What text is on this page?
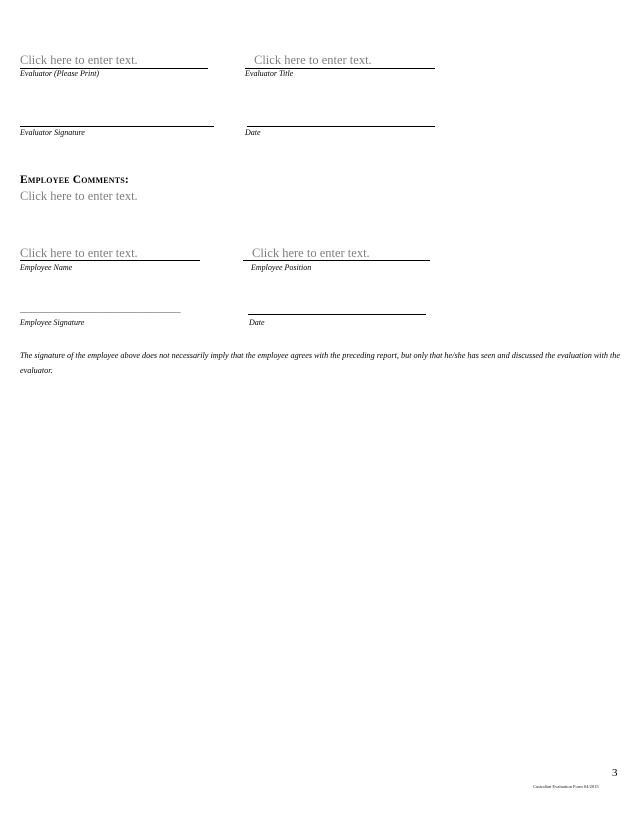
Click here to enter text.
Evaluator (Please Print)
Click here to enter text.
Evaluator Title
Evaluator Signature	Date
Employee Comments:
Click here to enter text.
Click here to enter text.
Employee Name
Click here to enter text.
Employee Position
________________________________
Employee Signature	Date
The signature of the employee above does not necessarily imply that the employee agrees with the preceding report, but only that he/she has seen and discussed the evaluation with the evaluator.
3
Custodian Evaluation Form 04/2015
